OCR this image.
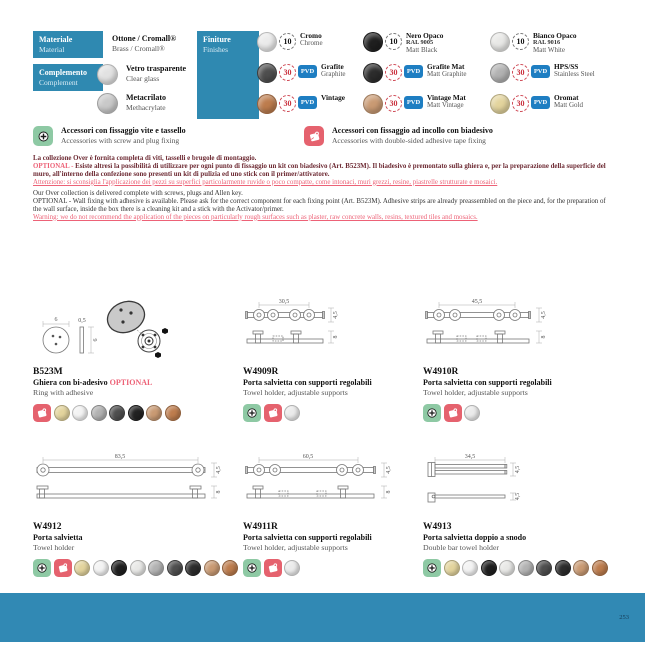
Materiale
Material
Ottone / Cromall®
Brass / Cromall®
Complemento
Complement
Vetro trasparente
Clear glass
Metacrilato
Methacrylate
Finiture
Finishes
10
Cromo
Chrome	10
Nero Opaco
RAL 9005
Matt Black
10
Bianco Opaco
RAL 9016
Matt White
30	PVD
Grafite
Graphite	30	PVD
Grafite Mat
Matt Graphite	30	PVD
HPS/SS
Stainless Steel
30	PVD
Vintage
30	PVD
Vintage Mat
Matt Vintage	30	PVD
Oromat
Matt Gold
Accessori con fissaggio vite e tassello
Accessories with screw and plug fixing
Accessori con fissaggio ad incollo con biadesivo
Accessories with double-sided adhesive tape fixing

La collezione Over è fornita completa di viti, tasselli e brugole di montaggio.

OPTIONAL - Esiste altresì la possibilità di utilizzare per ogni punto di fissaggio un kit con biadesivo (Art. B523M). Il biadesivo è premontato sulla ghiera e, per la preparazione della superficie del muro, all'interno della confezione sono presenti un kit di pulizia ed uno stick con il primer/attivatore.

Attenzione: si sconsiglia l'applicazione dei pezzi su superfici particolarmente ruvide o poco compatte, come intonaci, muri grezzi, resine, piastrelle strutturate e mosaici.

Our Over collection is delivered complete with screws, plugs and Allen key.

OPTIONAL - Wall fixing with adhesive is available. Please ask for the correct component for each fixing point (Art. B523M). Adhesive strips are already preassembled on the piece and, for the preparation of the wall surface, inside the box there is a cleaning kit and a stick with the Activator/primer.

Warning: we do not recommend the application of the pieces on particularly rough surfaces such as plaster, raw concrete walls, resins, textured tiles and mosaics.

6	0,5
6
B523M
Ghiera con bi-adesivo OPTIONAL
Ring with adhesive
30,5
4,5
8
W4909R
Porta salvietta con supporti regolabili
Towel holder, adjustable supports
45,5
4,5
8
W4910R
Porta salvietta con supporti regolabili
Towel holder, adjustable supports
83,5
4,5
8
W4912
Porta salvietta
Towel holder
60,5
4,5
8
W4911R
Porta salvietta con supporti regolabili
Towel holder, adjustable supports
34,5
4,5
4,5
W4913
Porta salvietta doppio a snodo
Double bar towel holder
253
